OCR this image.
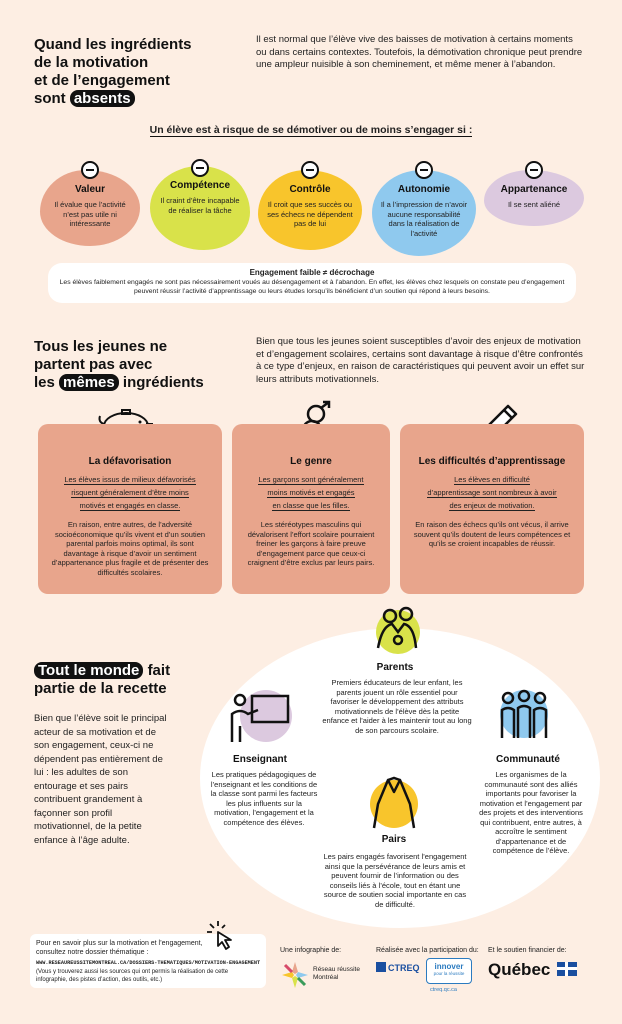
Quand les ingrédients
de la motivation
et de l’engagement
sont absents
Il est normal que l’élève vive des baisses de motivation à certains moments ou dans certains contextes. Toutefois, la démotivation chronique peut prendre une ampleur nuisible à son cheminement, et même mener à l’abandon.
Un élève est à risque de se démotiver ou de moins s’engager si :
Valeur
Il évalue que l’activité n’est pas utile ni intéressante
Compétence
Il craint d’être incapable de réaliser la tâche
Contrôle
Il croit que ses succès ou ses échecs ne dépendent pas de lui
Autonomie
Il a l’impression de n’avoir aucune responsabilité dans la réalisation de l’activité
Appartenance
Il se sent aliéné
Engagement faible ≠ décrochage
Les élèves faiblement engagés ne sont pas nécessairement voués au désengagement et à l’abandon. En effet, les élèves chez lesquels on constate peu d’engagement peuvent réussir l’activité d’apprentissage ou leurs études lorsqu’ils bénéficient d’un soutien qui répond à leurs besoins.
Tous les jeunes ne
partent pas avec
les mêmes ingrédients
Bien que tous les jeunes soient susceptibles d’avoir des enjeux de motivation et d’engagement scolaires, certains sont davantage à risque d’être confrontés à ce type d’enjeux, en raison de caractéristiques qui peuvent avoir un effet sur leurs attributs motivationnels.
La défavorisation
Les élèves issus de milieux défavorisés
risquent généralement d’être moins
motivés et engagés en classe.
En raison, entre autres, de l’adversité socioéconomique qu’ils vivent et d’un soutien parental parfois moins optimal, ils sont davantage à risque d’avoir un sentiment d’appartenance plus fragile et de présenter des difficultés scolaires.
Le genre
Les garçons sont généralement
moins motivés et engagés
en classe que les filles.
Les stéréotypes masculins qui dévalorisent l’effort scolaire pourraient freiner les garçons à faire preuve d’engagement parce que ceux-ci craignent d’être exclus par leurs pairs.
Les difficultés d’apprentissage
Les élèves en difficulté
d’apprentissage sont nombreux à avoir
des enjeux de motivation.
En raison des échecs qu’ils ont vécus, il arrive souvent qu’ils doutent de leurs compétences et qu’ils se croient incapables de réussir.
Tout le monde fait
partie de la recette
Bien que l’élève soit le principal acteur de sa motivation et de son engagement, ceux-ci ne dépendent pas entièrement de lui : les adultes de son entourage et ses pairs contribuent grandement à façonner son profil motivationnel, de la petite enfance à l’âge adulte.
Parents
Premiers éducateurs de leur enfant, les parents jouent un rôle essentiel pour favoriser le développement des attributs motivationnels de l’élève dès la petite enfance et l’aider à les maintenir tout au long de son parcours scolaire.
Enseignant
Les pratiques pédagogiques de l’enseignant et les conditions de la classe sont parmi les facteurs les plus influents sur la motivation, l’engagement et la compétence des élèves.
Communauté
Les organismes de la communauté sont des alliés importants pour favoriser la motivation et l’engagement par des projets et des interventions qui contribuent, entre autres, à accroître le sentiment d’appartenance et de compétence de l’élève.
Pairs
Les pairs engagés favorisent l’engagement ainsi que la persévérance de leurs amis et peuvent fournir de l’information ou des conseils liés à l’école, tout en étant une source de soutien social importante en cas de difficulté.
Pour en savoir plus sur la motivation et l’engagement,
consultez notre dossier thématique :
WWW.RESEAUREUSSITEMONTREAL.CA/DOSSIERS-THEMATIQUES/MOTIVATION-ENGAGEMENT
(Vous y trouverez aussi les sources qui ont permis la réalisation de cette infographie, des pistes d’action, des outils, etc.)
Une infographie de:
Réseau réussite
Montréal
Réalisée avec la participation du:
CTREQ	innover
pour la réussite
ctreq.qc.ca
Et le soutien financier de:
Québec
